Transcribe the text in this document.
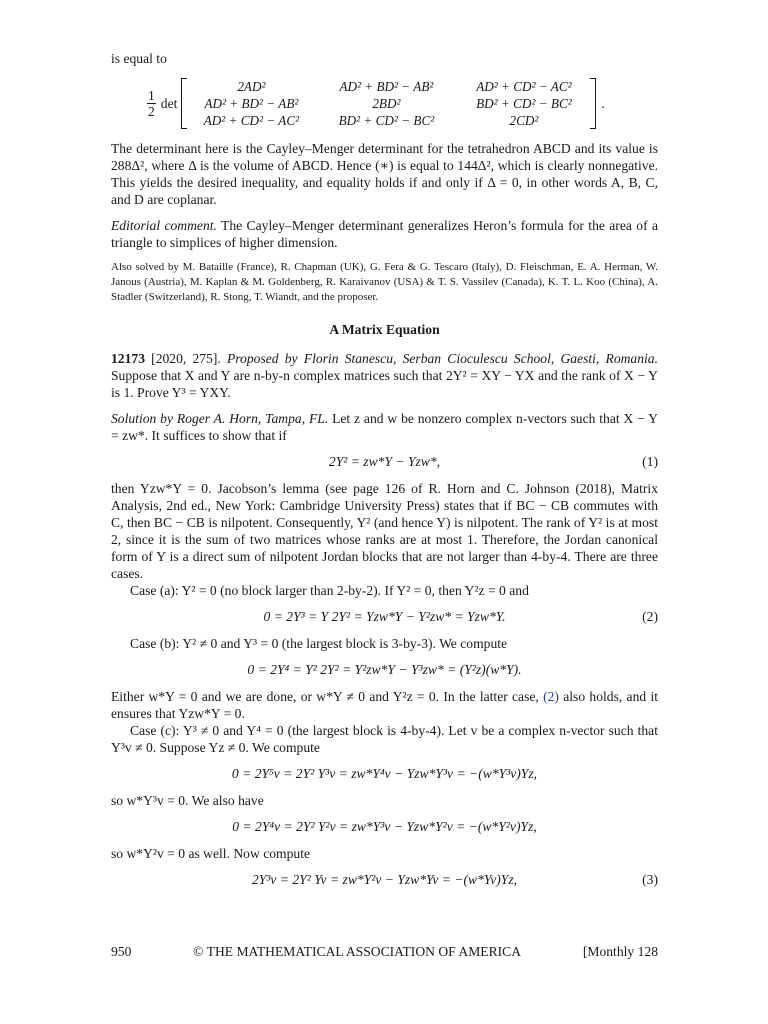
is equal to

$\frac{1}{2}$ det
2AD²	AD² + BD² − AB²	AD² + CD² − AC²
AD² + BD² − AB²	2BD²	BD² + CD² − BC²
AD² + CD² − AC²	BD² + CD² − BC²	2CD²
.

The determinant here is the Cayley–Menger determinant for the tetrahedron ABCD and its value is 288Δ², where Δ is the volume of ABCD. Hence (∗) is equal to 144Δ², which is clearly nonnegative. This yields the desired inequality, and equality holds if and only if Δ = 0, in other words A, B, C, and D are coplanar.

Editorial comment. The Cayley–Menger determinant generalizes Heron’s formula for the area of a triangle to simplices of higher dimension.

Also solved by M. Bataille (France), R. Chapman (UK), G. Fera & G. Tescaro (Italy), D. Fleischman, E. A. Herman, W. Janous (Austria), M. Kaplan & M. Goldenberg, R. Karaivanov (USA) & T. S. Vassilev (Canada), K. T. L. Koo (China), A. Stadler (Switzerland), R. Stong, T. Wiandt, and the proposer.

A Matrix Equation

12173 [2020, 275]. Proposed by Florin Stanescu, Serban Cioculescu School, Gaesti, Romania. Suppose that X and Y are n-by-n complex matrices such that 2Y² = XY − YX and the rank of X − Y is 1. Prove Y³ = YXY.

Solution by Roger A. Horn, Tampa, FL. Let z and w be nonzero complex n-vectors such that X − Y = zw*. It suffices to show that if

2Y² = zw*Y − Yzw*,	(1)

then Yzw*Y = 0. Jacobson’s lemma (see page 126 of R. Horn and C. Johnson (2018), Matrix Analysis, 2nd ed., New York: Cambridge University Press) states that if BC − CB commutes with C, then BC − CB is nilpotent. Consequently, Y² (and hence Y) is nilpotent. The rank of Y² is at most 2, since it is the sum of two matrices whose ranks are at most 1. Therefore, the Jordan canonical form of Y is a direct sum of nilpotent Jordan blocks that are not larger than 4-by-4. There are three cases.

Case (a): Y² = 0 (no block larger than 2-by-2). If Y² = 0, then Y²z = 0 and

0 = 2Y³ = Y 2Y² = Yzw*Y − Y²zw* = Yzw*Y.	(2)

Case (b): Y² ≠ 0 and Y³ = 0 (the largest block is 3-by-3). We compute

0 = 2Y⁴ = Y² 2Y² = Y²zw*Y − Y³zw* = (Y²z)(w*Y).

Either w*Y = 0 and we are done, or w*Y ≠ 0 and Y²z = 0. In the latter case, (2) also holds, and it ensures that Yzw*Y = 0.

Case (c): Y³ ≠ 0 and Y⁴ = 0 (the largest block is 4-by-4). Let v be a complex n-vector such that Y³v ≠ 0. Suppose Yz ≠ 0. We compute

0 = 2Y⁵v = 2Y² Y³v = zw*Y⁴v − Yzw*Y³v = −(w*Y³v)Yz,

so w*Y³v = 0. We also have

0 = 2Y⁴v = 2Y² Y²v = zw*Y³v − Yzw*Y²v = −(w*Y²v)Yz,

so w*Y²v = 0 as well. Now compute

2Y³v = 2Y² Yv = zw*Y²v − Yzw*Yv = −(w*Yv)Yz,	(3)
950	© THE MATHEMATICAL ASSOCIATION OF AMERICA	[Monthly 128
